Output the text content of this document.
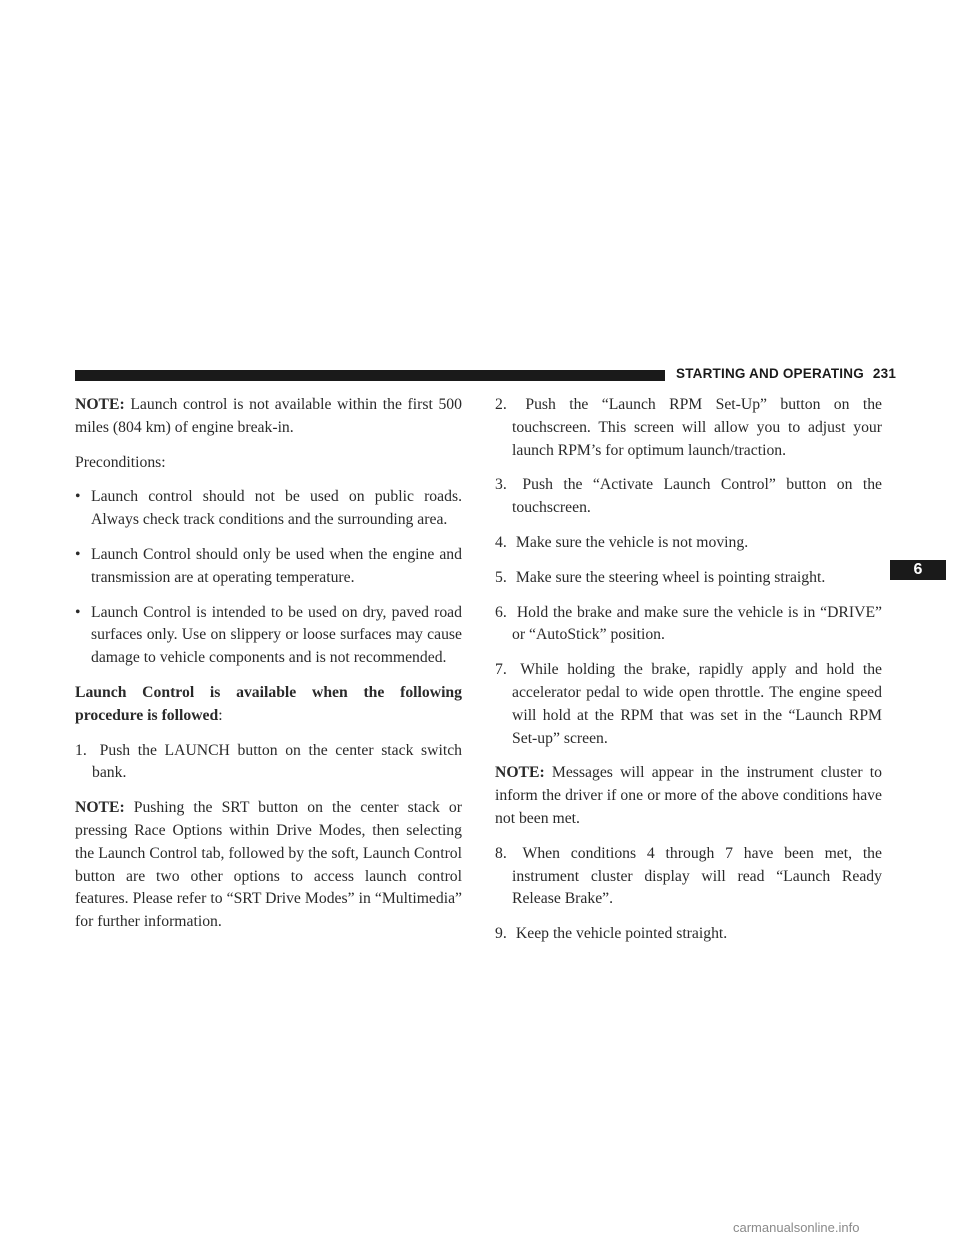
STARTING AND OPERATING 231
6

NOTE: Launch control is not available within the first 500 miles (804 km) of engine break-in.

Preconditions:

• Launch control should not be used on public roads. Always check track conditions and the surrounding area.
• Launch Control should only be used when the engine and transmission are at operating temperature.
• Launch Control is intended to be used on dry, paved road surfaces only. Use on slippery or loose surfaces may cause damage to vehicle components and is not recommended.

Launch Control is available when the following procedure is followed:

1. Push the LAUNCH button on the center stack switch bank.

NOTE: Pushing the SRT button on the center stack or pressing Race Options within Drive Modes, then selecting the Launch Control tab, followed by the soft, Launch Control button are two other options to access launch control features. Please refer to “SRT Drive Modes” in “Multimedia” for further information.

2. Push the “Launch RPM Set-Up” button on the touchscreen. This screen will allow you to adjust your launch RPM’s for optimum launch/traction.
3. Push the “Activate Launch Control” button on the touchscreen.
4. Make sure the vehicle is not moving.
5. Make sure the steering wheel is pointing straight.
6. Hold the brake and make sure the vehicle is in “DRIVE” or “AutoStick” position.
7. While holding the brake, rapidly apply and hold the accelerator pedal to wide open throttle. The engine speed will hold at the RPM that was set in the “Launch RPM Set-up” screen.

NOTE: Messages will appear in the instrument cluster to inform the driver if one or more of the above conditions have not been met.

8. When conditions 4 through 7 have been met, the instrument cluster display will read “Launch Ready Release Brake”.
9. Keep the vehicle pointed straight.
carmanualsonline.info
